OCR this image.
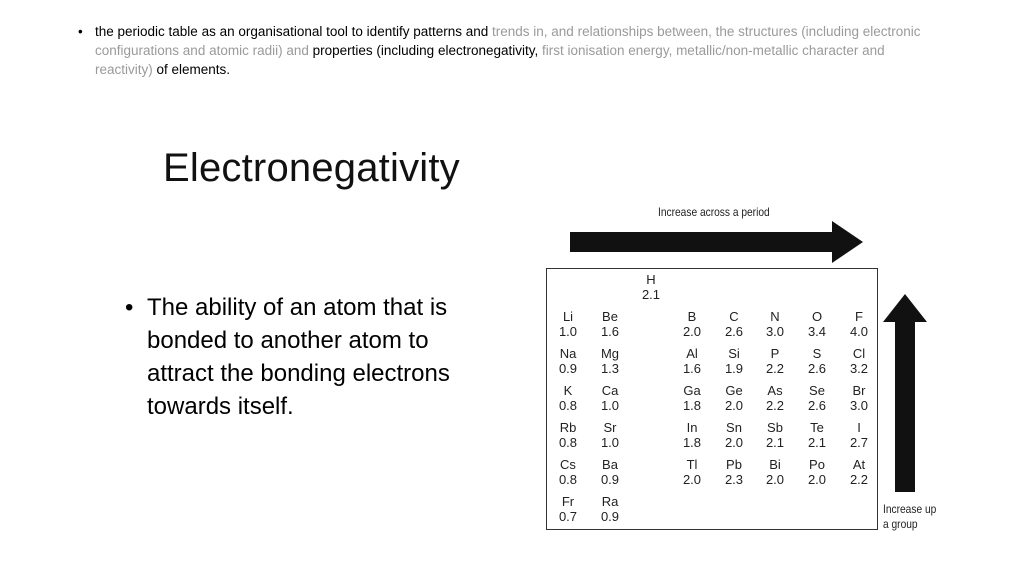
• the periodic table as an organisational tool to identify patterns and trends in, and relationships between, the structures (including electronic configurations and atomic radii) and properties (including electronegativity, first ionisation energy, metallic/non-metallic character and reactivity) of elements.
Electronegativity
• The ability of an atom that is bonded to another atom to attract the bonding electrons towards itself.
Increase across a period
Increase up
a group
H
2.1
Li
1.0
Be
1.6
B
2.0
C
2.6
N
3.0
O
3.4
F
4.0
Na
0.9
Mg
1.3
Al
1.6
Si
1.9
P
2.2
S
2.6
Cl
3.2
K
0.8
Ca
1.0
Ga
1.8
Ge
2.0
As
2.2
Se
2.6
Br
3.0
Rb
0.8
Sr
1.0
In
1.8
Sn
2.0
Sb
2.1
Te
2.1
I
2.7
Cs
0.8
Ba
0.9
Tl
2.0
Pb
2.3
Bi
2.0
Po
2.0
At
2.2
Fr
0.7
Ra
0.9
